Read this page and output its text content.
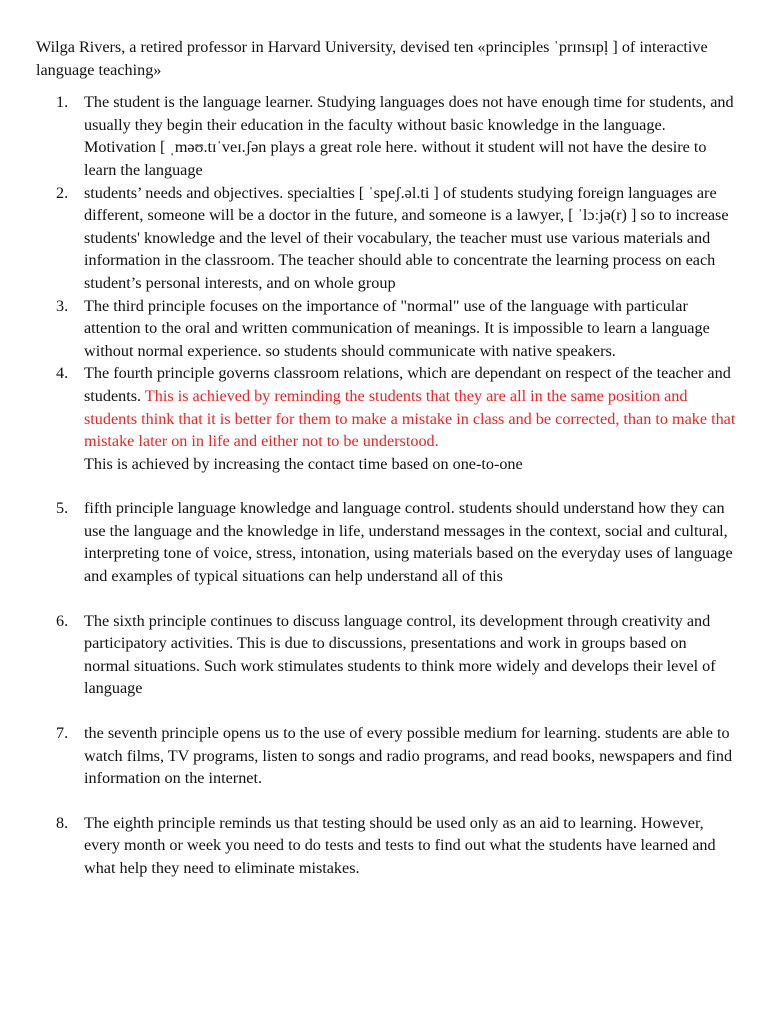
Wilga Rivers, a retired professor in Harvard University, devised ten «principles ˈprɪnsɪpḷ ] of interactive language teaching»

1. The student is the language learner. Studying languages does not have enough time for students, and usually they begin their education in the faculty without basic knowledge in the language. Motivation [ ˌməʊ.tɪˈveɪ.ʃən plays a great role here. without it student will not have the desire to learn the language
2. students’ needs and objectives. specialties [ ˈspeʃ.əl.ti ] of students studying foreign languages are different, someone will be a doctor in the future, and someone is a lawyer, [ ˈlɔːjə(r) ] so to increase students' knowledge and the level of their vocabulary, the teacher must use various materials and information in the classroom. The teacher should able to concentrate the learning process on each student’s personal interests, and on whole group
3. The third principle focuses on the importance of "normal" use of the language with particular attention to the oral and written communication of meanings. It is impossible to learn a language without normal experience. so students should communicate with native speakers.
4. The fourth principle governs classroom relations, which are dependant on respect of the teacher and students. This is achieved by reminding the students that they are all in the same position and students think that it is better for them to make a mistake in class and be corrected, than to make that mistake later on in life and either not to be understood.
This is achieved by increasing the contact time based on one-to-one
5. fifth principle language knowledge and language control. students should understand how they can use the language and the knowledge in life, understand messages in the context, social and cultural, interpreting tone of voice, stress, intonation, using materials based on the everyday uses of language and examples of typical situations can help understand all of this
6. The sixth principle continues to discuss language control, its development through creativity and participatory activities. This is due to discussions, presentations and work in groups based on normal situations. Such work stimulates students to think more widely and develops their level of language
7. the seventh principle opens us to the use of every possible medium for learning. students are able to watch films, TV programs, listen to songs and radio programs, and read books, newspapers and find information on the internet.
8. The eighth principle reminds us that testing should be used only as an aid to learning. However, every month or week you need to do tests and tests to find out what the students have learned and what help they need to eliminate mistakes.
